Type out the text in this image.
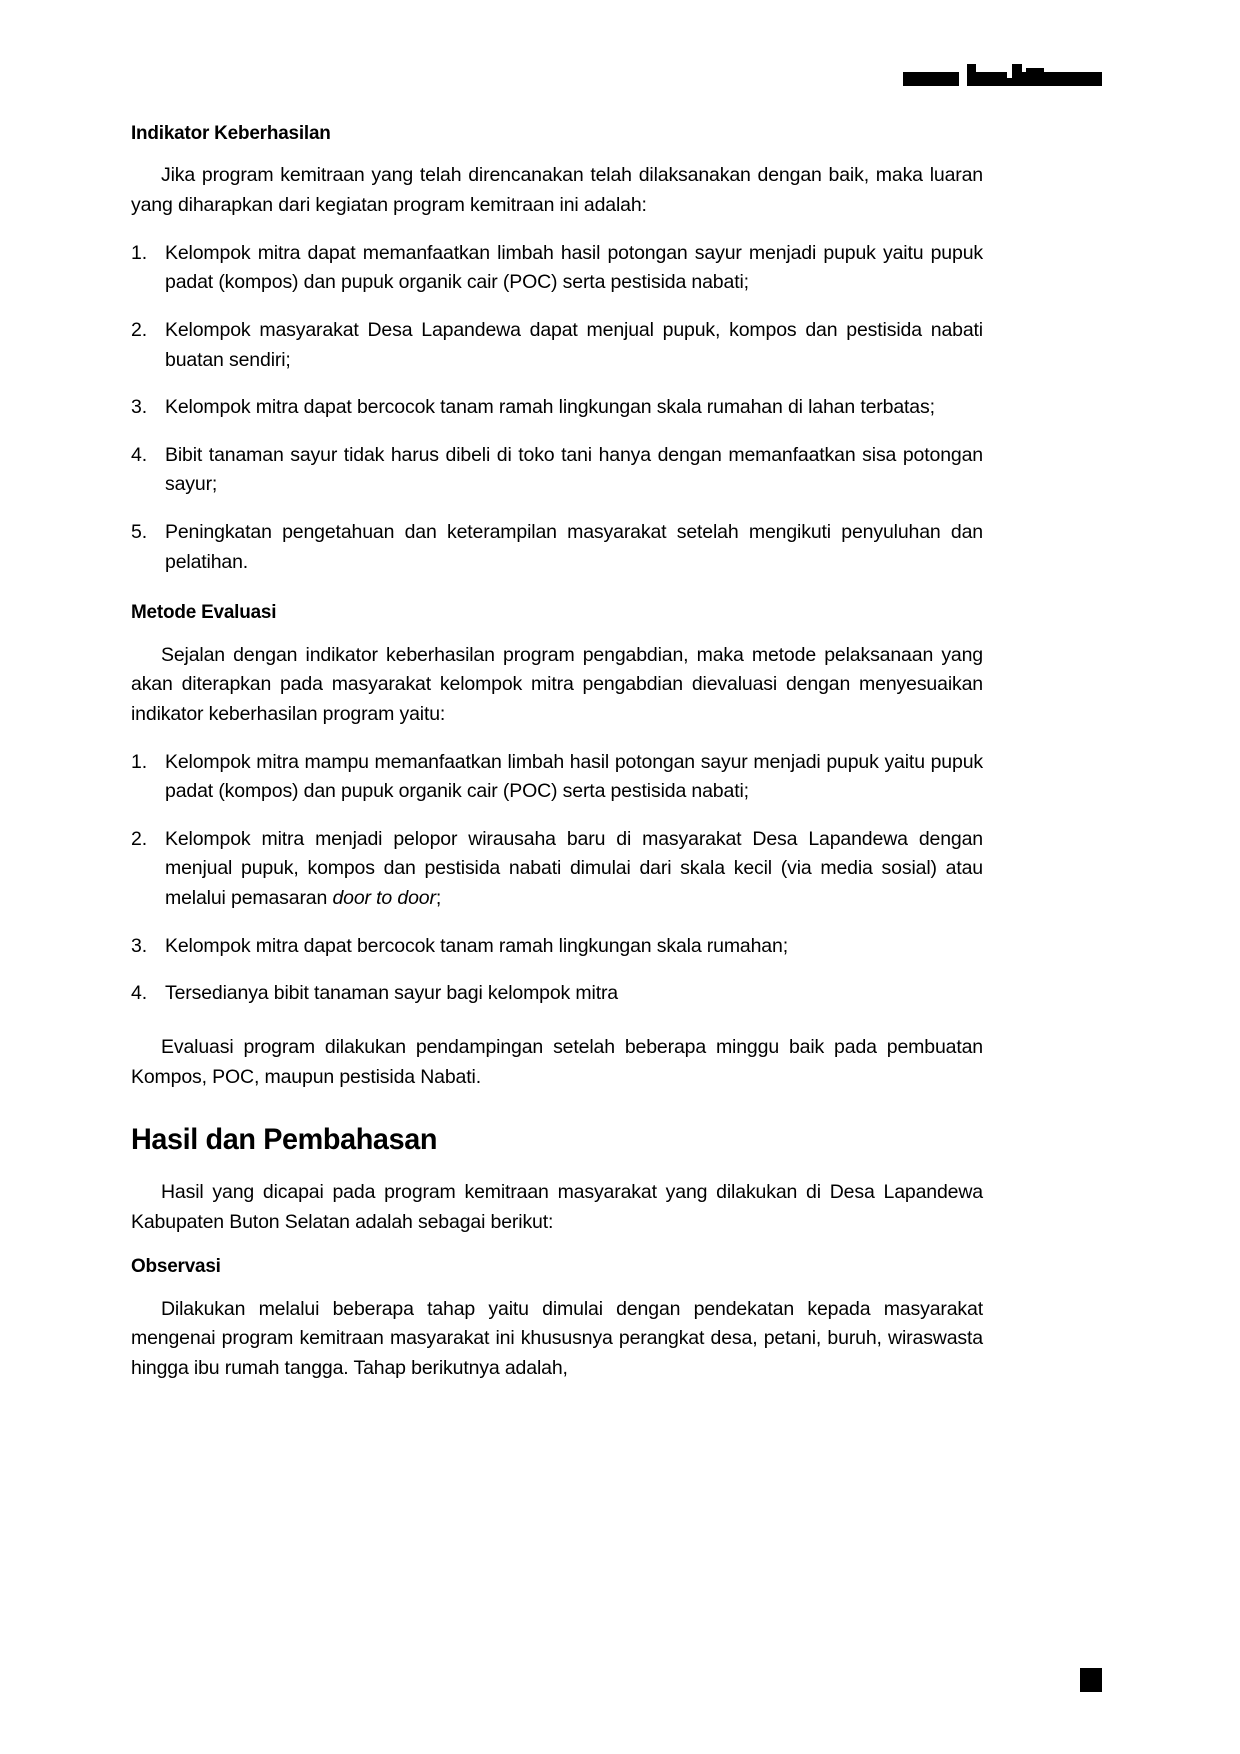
Indikator Keberhasilan

Jika program kemitraan yang telah direncanakan telah dilaksanakan dengan baik, maka luaran yang diharapkan dari kegiatan program kemitraan ini adalah:

Kelompok mitra dapat memanfaatkan limbah hasil potongan sayur menjadi pupuk yaitu pupuk padat (kompos) dan pupuk organik cair (POC) serta pestisida nabati;
Kelompok masyarakat Desa Lapandewa dapat menjual pupuk, kompos dan pestisida nabati buatan sendiri;
Kelompok mitra dapat bercocok tanam ramah lingkungan skala rumahan di lahan terbatas;
Bibit tanaman sayur tidak harus dibeli di toko tani hanya dengan memanfaatkan sisa potongan sayur;
Peningkatan pengetahuan dan keterampilan masyarakat setelah mengikuti penyuluhan dan pelatihan.
Metode Evaluasi

Sejalan dengan indikator keberhasilan program pengabdian, maka metode pelaksanaan yang akan diterapkan pada masyarakat kelompok mitra pengabdian dievaluasi dengan menyesuaikan indikator keberhasilan program yaitu:

Kelompok mitra mampu memanfaatkan limbah hasil potongan sayur menjadi pupuk yaitu pupuk padat (kompos) dan pupuk organik cair (POC) serta pestisida nabati;
Kelompok mitra menjadi pelopor wirausaha baru di masyarakat Desa Lapandewa dengan menjual pupuk, kompos dan pestisida nabati dimulai dari skala kecil (via media sosial) atau melalui pemasaran door to door;
Kelompok mitra dapat bercocok tanam ramah lingkungan skala rumahan;
Tersedianya bibit tanaman sayur bagi kelompok mitra

Evaluasi program dilakukan pendampingan setelah beberapa minggu baik pada pembuatan Kompos, POC, maupun pestisida Nabati.

Hasil dan Pembahasan

Hasil yang dicapai pada program kemitraan masyarakat yang dilakukan di Desa Lapandewa Kabupaten Buton Selatan adalah sebagai berikut:

Observasi

Dilakukan melalui beberapa tahap yaitu dimulai dengan pendekatan kepada masyarakat mengenai program kemitraan masyarakat ini khususnya perangkat desa, petani, buruh, wiraswasta hingga ibu rumah tangga. Tahap berikutnya adalah,
